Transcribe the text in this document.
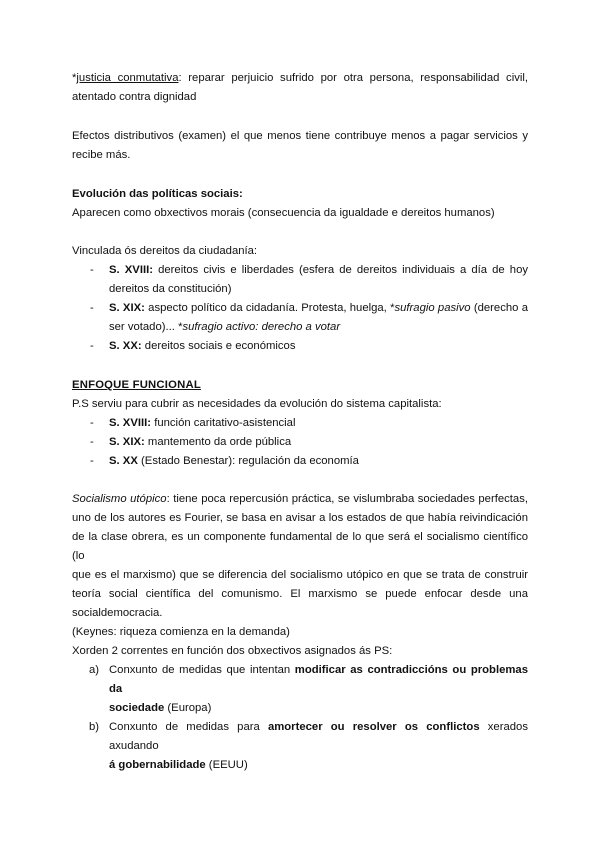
*justicia conmutativa: reparar perjuicio sufrido por otra persona, responsabilidad civil,
atentado contra dignidad
Efectos distributivos (examen) el que menos tiene contribuye menos a pagar servicios y
recibe más.
Evolución das políticas sociais:
Aparecen como obxectivos morais (consecuencia da igualdade e dereitos humanos)
Vinculada ós dereitos da ciudadanía:
- S. XVIII: dereitos civis e liberdades (esfera de dereitos individuais a día de hoy
dereitos da constitución)
- S. XIX: aspecto político da cidadanía. Protesta, huelga, *sufragio pasivo (derecho a
ser votado)... *sufragio activo: derecho a votar
- S. XX: dereitos sociais e económicos
ENFOQUE FUNCIONAL
P.S serviu para cubrir as necesidades da evolución do sistema capitalista:
- S. XVIII: función caritativo-asistencial
- S. XIX: mantemento da orde pública
- S. XX (Estado Benestar): regulación da economía
Socialismo utópico: tiene poca repercusión práctica, se vislumbraba sociedades perfectas,
uno de los autores es Fourier, se basa en avisar a los estados de que había reivindicación
de la clase obrera, es un componente fundamental de lo que será el socialismo científico (lo
que es el marxismo) que se diferencia del socialismo utópico en que se trata de construir
teoría social científica del comunismo. El marxismo se puede enfocar desde una
socialdemocracia.
(Keynes: riqueza comienza en la demanda)
Xorden 2 correntes en función dos obxectivos asignados ás PS:
a) Conxunto de medidas que intentan modificar as contradiccións ou problemas da
sociedade (Europa)
b) Conxunto de medidas para amortecer ou resolver os conflictos xerados axudando
á gobernabilidade (EEUU)
